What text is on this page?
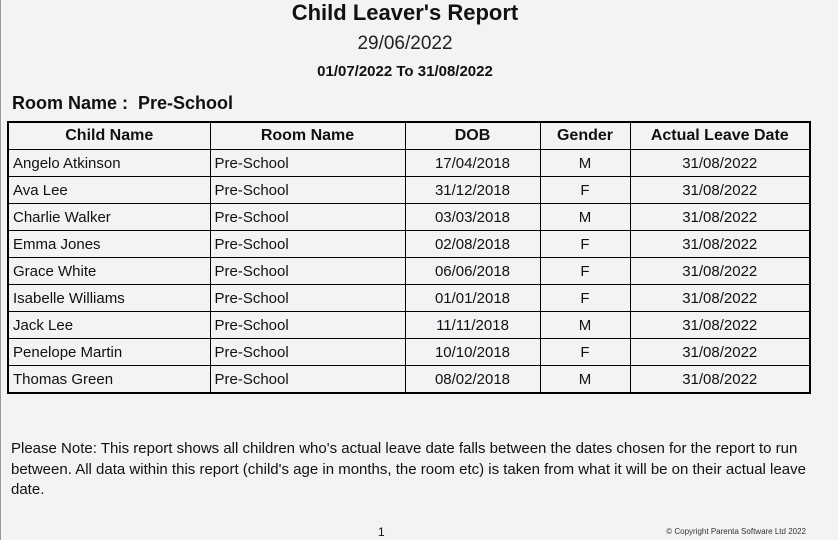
Child Leaver's Report
29/06/2022
01/07/2022 To 31/08/2022
Room Name :  Pre-School
Child Name	Room Name	DOB	Gender	Actual Leave Date
Angelo Atkinson	Pre-School	17/04/2018	M	31/08/2022
Ava Lee	Pre-School	31/12/2018	F	31/08/2022
Charlie Walker	Pre-School	03/03/2018	M	31/08/2022
Emma Jones	Pre-School	02/08/2018	F	31/08/2022
Grace White	Pre-School	06/06/2018	F	31/08/2022
Isabelle Williams	Pre-School	01/01/2018	F	31/08/2022
Jack Lee	Pre-School	11/11/2018	M	31/08/2022
Penelope Martin	Pre-School	10/10/2018	F	31/08/2022
Thomas Green	Pre-School	08/02/2018	M	31/08/2022
Please Note: This report shows all children who's actual leave date falls between the dates chosen for the report to run between. All data within this report (child's age in months, the room etc) is taken from what it will be on their actual leave date.
1	© Copyright Parenta Software Ltd 2022
